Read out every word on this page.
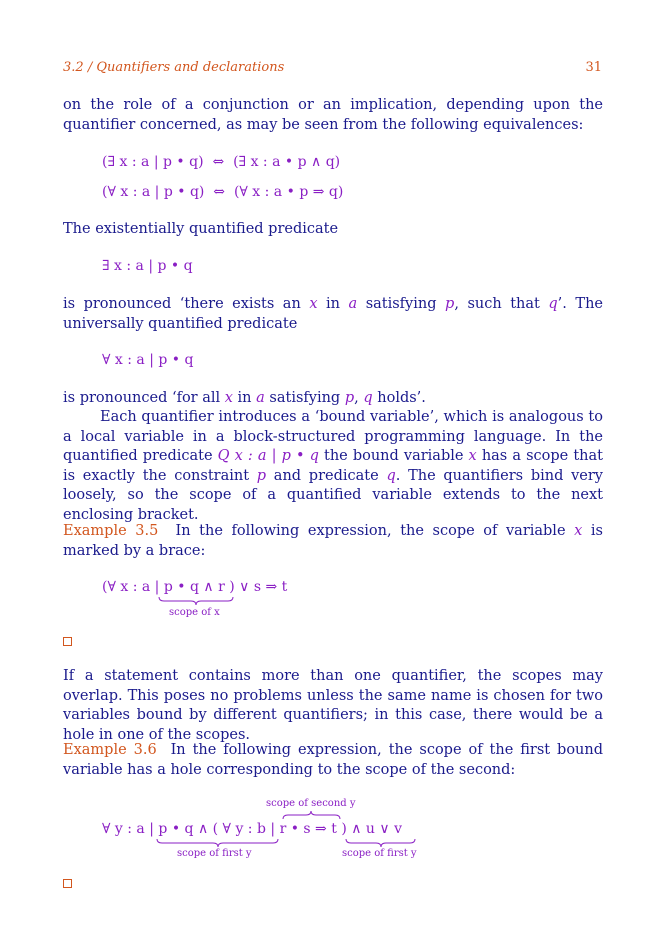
3.2 / Quantifiers and declarations	31

on the role of a conjunction or an implication, depending upon the quantifier concerned, as may be seen from the following equivalences:

(∃ x : a | p • q) ⇔ (∃ x : a • p ∧ q)
(∀ x : a | p • q) ⇔ (∀ x : a • p ⇒ q)

The existentially quantified predicate

∃ x : a | p • q

is pronounced ‘there exists an x in a satisfying p, such that q’. The universally quantified predicate

∀ x : a | p • q

is pronounced ‘for all x in a satisfying p, q holds’.

Each quantifier introduces a ‘bound variable’, which is analogous to a local variable in a block-structured programming language. In the quantified predicate Q x : a | p • q the bound variable x has a scope that is exactly the constraint p and predicate q. The quantifiers bind very loosely, so the scope of a quantified variable extends to the next enclosing bracket.

Example 3.5 In the following expression, the scope of variable x is marked by a brace:

(∀ x : a | p • q ∧ r ) ∨ s ⇒ t
scope of x

If a statement contains more than one quantifier, the scopes may overlap. This poses no problems unless the same name is chosen for two variables bound by different quantifiers; in this case, there would be a hole in one of the scopes.

Example 3.6 In the following expression, the scope of the first bound variable has a hole corresponding to the scope of the second:

scope of second y
∀ y : a | p • q ∧ ( ∀ y : b | r • s ⇒ t ) ∧ u ∨ v
scope of first y	scope of first y
